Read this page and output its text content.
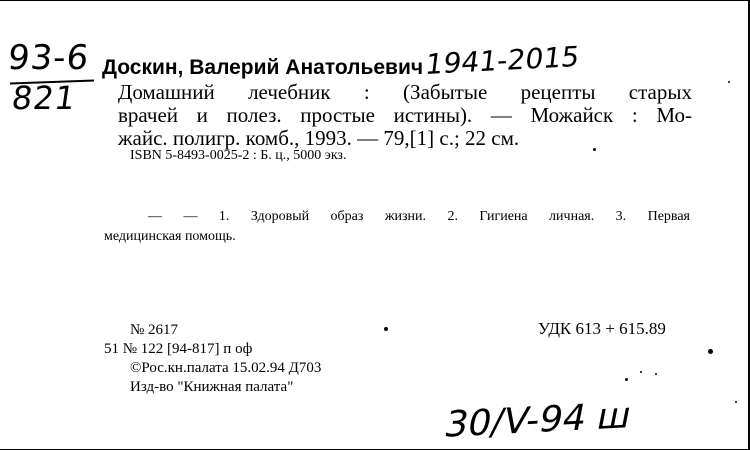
93-6
821
Доскин, Валерий Анатольевич 1941-2015
Домашний лечебник : (Забытые рецепты старых
врачей и полез. простые истины). — Можайск : Мо-
жайс. полигр. комб., 1993. — 79,[1] с.; 22 см.
ISBN 5-8493-0025-2 : Б. ц., 5000 экз.
— — 1. Здоровый образ жизни. 2. Гигиена личная. 3. Первая
медицинская помощь.
№ 2617
51 № 122 [94-817] п оф
©Рос.кн.палата 15.02.94 Д703
Изд-во "Книжная палата"
УДК 613 + 615.89
30/V-94 ш
